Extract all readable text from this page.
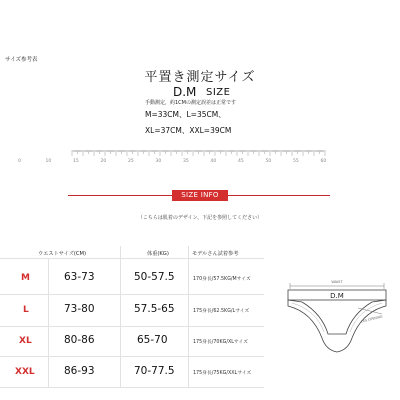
サイズ参考表
平置き測定サイズ
D.M SIZE
手動測定，約1CMの測定誤差は正常です
M=33CM、L=35CM、
XL=37CM、XXL=39CM
0	10	15	20	25	30	35	40	45	50	55	60
SIZE INFO
（こちらは肌着のデザイン、下記を参照してください）
ウエストサイズ(CM)	体重(KG)	モデルさん試着参考
M	63-73	50-57.5	170身長/57.5KG/Mサイズ
L	73-80	57.5-65	175身長/62.5KG/Lサイズ
XL	80-86	65-70	175身長/70KG/XLサイズ
XXL	86-93	70-77.5	175身長/75KG/XXLサイズ
WAIST
D.M
LEG OPENING
